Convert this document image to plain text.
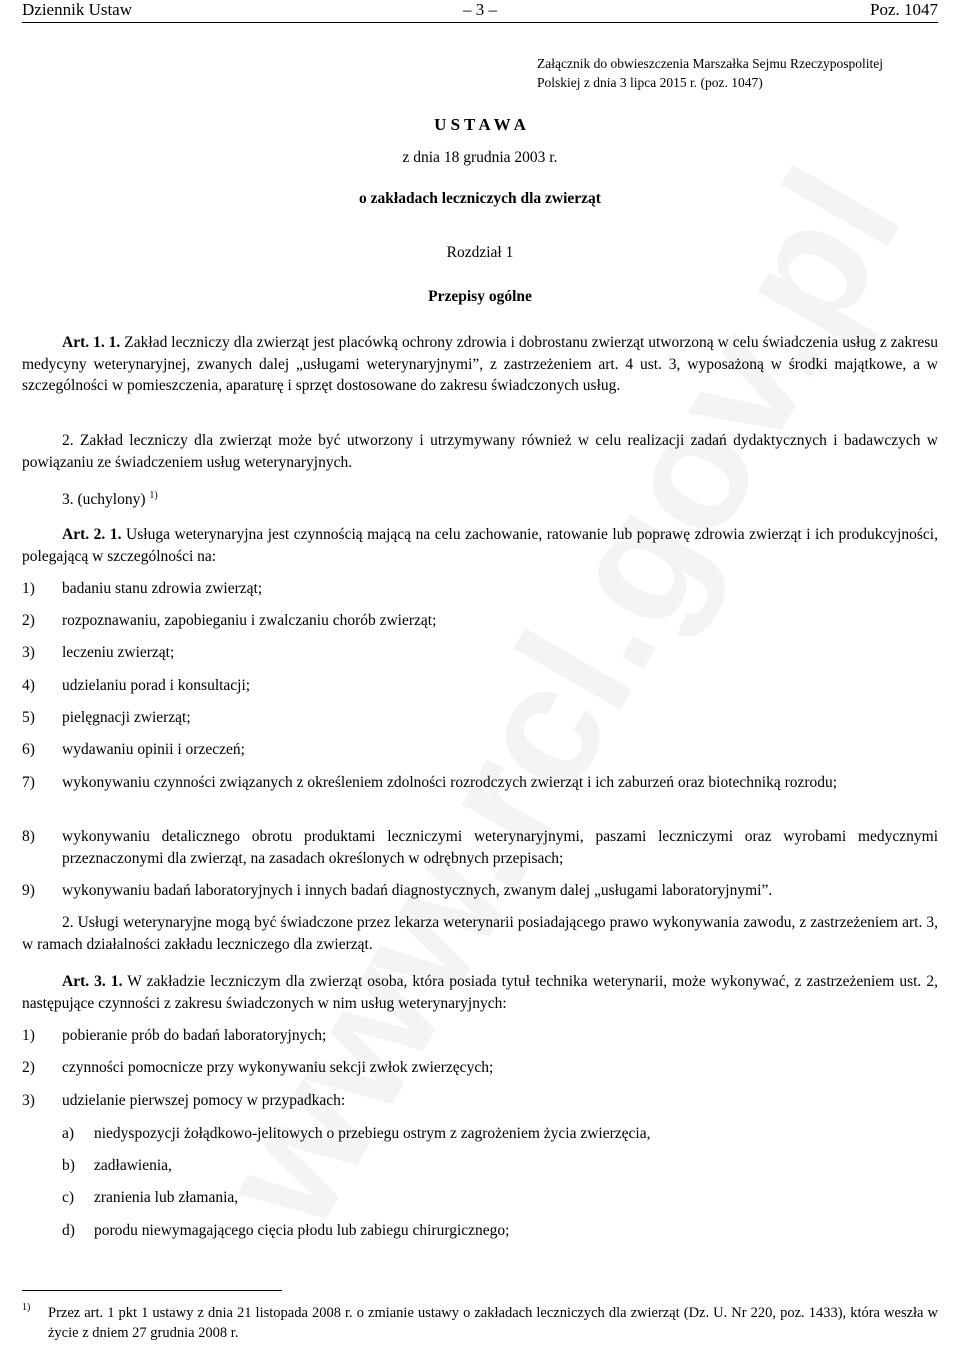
Dziennik Ustaw	– 3 –	Poz. 1047
Załącznik do obwieszczenia Marszałka Sejmu Rzeczypospolitej
Polskiej z dnia 3 lipca 2015 r. (poz. 1047)
U S T A W A
z dnia 18 grudnia 2003 r.
o zakładach leczniczych dla zwierząt
Rozdział 1
Przepisy ogólne
Art. 1. 1. Zakład leczniczy dla zwierząt jest placówką ochrony zdrowia i dobrostanu zwierząt utworzoną w celu świadczenia usług z zakresu medycyny weterynaryjnej, zwanych dalej „usługami weterynaryjnymi”, z zastrzeżeniem art. 4 ust. 3, wyposażoną w środki majątkowe, a w szczególności w pomieszczenia, aparaturę i sprzęt dostosowane do zakresu świadczonych usług.
2. Zakład leczniczy dla zwierząt może być utworzony i utrzymywany również w celu realizacji zadań dydaktycznych i badawczych w powiązaniu ze świadczeniem usług weterynaryjnych.
3. (uchylony) $^{1)}$
Art. 2. 1. Usługa weterynaryjna jest czynnością mającą na celu zachowanie, ratowanie lub poprawę zdrowia zwierząt i ich produkcyjności, polegającą w szczególności na:
1) badaniu stanu zdrowia zwierząt;
2) rozpoznawaniu, zapobieganiu i zwalczaniu chorób zwierząt;
3) leczeniu zwierząt;
4) udzielaniu porad i konsultacji;
5) pielęgnacji zwierząt;
6) wydawaniu opinii i orzeczeń;
7) wykonywaniu czynności związanych z określeniem zdolności rozrodczych zwierząt i ich zaburzeń oraz biotechniką rozrodu;
8) wykonywaniu detalicznego obrotu produktami leczniczymi weterynaryjnymi, paszami leczniczymi oraz wyrobami medycznymi przeznaczonymi dla zwierząt, na zasadach określonych w odrębnych przepisach;
9) wykonywaniu badań laboratoryjnych i innych badań diagnostycznych, zwanym dalej „usługami laboratoryjnymi”.
2. Usługi weterynaryjne mogą być świadczone przez lekarza weterynarii posiadającego prawo wykonywania zawodu, z zastrzeżeniem art. 3, w ramach działalności zakładu leczniczego dla zwierząt.
Art. 3. 1. W zakładzie leczniczym dla zwierząt osoba, która posiada tytuł technika weterynarii, może wykonywać, z zastrzeżeniem ust. 2, następujące czynności z zakresu świadczonych w nim usług weterynaryjnych:
1) pobieranie prób do badań laboratoryjnych;
2) czynności pomocnicze przy wykonywaniu sekcji zwłok zwierzęcych;
3) udzielanie pierwszej pomocy w przypadkach:
a) niedyspozycji żołądkowo-jelitowych o przebiegu ostrym z zagrożeniem życia zwierzęcia,
b) zadławienia,
c) zranienia lub złamania,
d) porodu niewymagającego cięcia płodu lub zabiegu chirurgicznego;
1) Przez art. 1 pkt 1 ustawy z dnia 21 listopada 2008 r. o zmianie ustawy o zakładach leczniczych dla zwierząt (Dz. U. Nr 220, poz. 1433), która weszła w życie z dniem 27 grudnia 2008 r.
